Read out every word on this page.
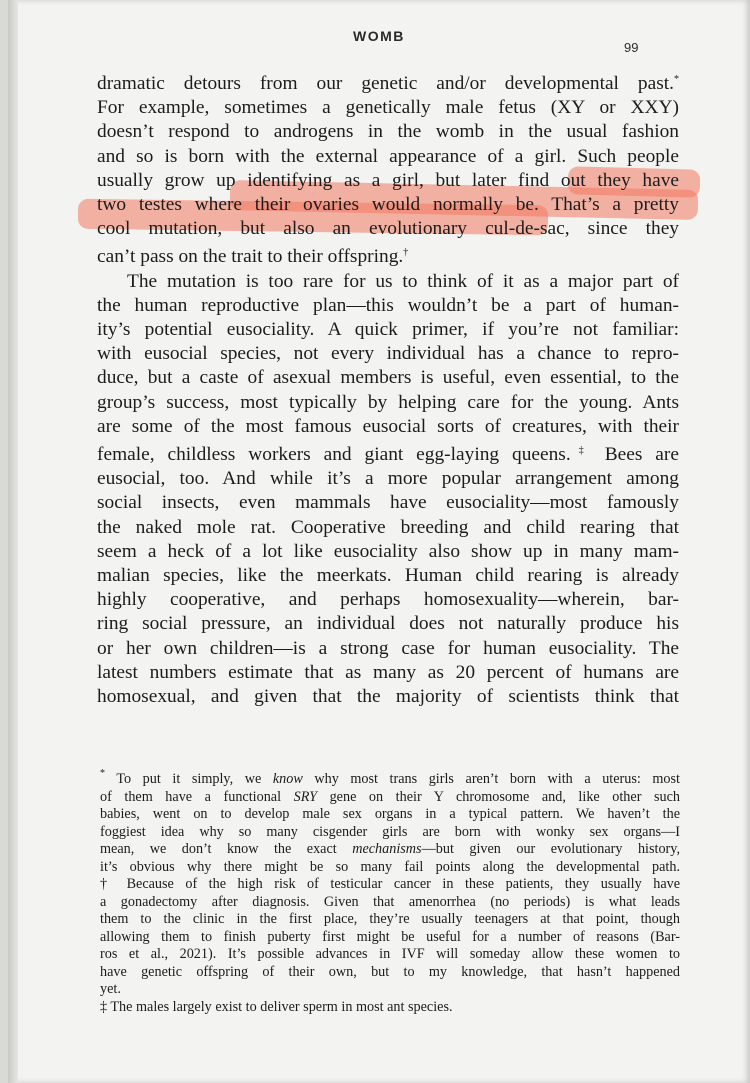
WOMB
99
dramatic detours from our genetic and/or developmental past.*
For example, sometimes a genetically male fetus (XY or XXY)
doesn’t respond to androgens in the womb in the usual fashion
and so is born with the external appearance of a girl. Such people
usually grow up identifying as a girl, but later find out they have
two testes where their ovaries would normally be. That’s a pretty
cool mutation, but also an evolutionary cul-de-sac, since they
can’t pass on the trait to their offspring.†
The mutation is too rare for us to think of it as a major part of
the human reproductive plan—this wouldn’t be a part of human-
ity’s potential eusociality. A quick primer, if you’re not familiar:
with eusocial species, not every individual has a chance to repro-
duce, but a caste of asexual members is useful, even essential, to the
group’s success, most typically by helping care for the young. Ants
are some of the most famous eusocial sorts of creatures, with their
female, childless workers and giant egg-laying queens.‡ Bees are
eusocial, too. And while it’s a more popular arrangement among
social insects, even mammals have eusociality—most famously
the naked mole rat. Cooperative breeding and child rearing that
seem a heck of a lot like eusociality also show up in many mam-
malian species, like the meerkats. Human child rearing is already
highly cooperative, and perhaps homosexuality—wherein, bar-
ring social pressure, an individual does not naturally produce his
or her own children—is a strong case for human eusociality. The
latest numbers estimate that as many as 20 percent of humans are
homosexual, and given that the majority of scientists think that
* To put it simply, we know why most trans girls aren’t born with a uterus: most
of them have a functional SRY gene on their Y chromosome and, like other such
babies, went on to develop male sex organs in a typical pattern. We haven’t the
foggiest idea why so many cisgender girls are born with wonky sex organs—I
mean, we don’t know the exact mechanisms—but given our evolutionary history,
it’s obvious why there might be so many fail points along the developmental path.
† Because of the high risk of testicular cancer in these patients, they usually have
a gonadectomy after diagnosis. Given that amenorrhea (no periods) is what leads
them to the clinic in the first place, they’re usually teenagers at that point, though
allowing them to finish puberty first might be useful for a number of reasons (Bar-
ros et al., 2021). It’s possible advances in IVF will someday allow these women to
have genetic offspring of their own, but to my knowledge, that hasn’t happened
yet.
‡ The males largely exist to deliver sperm in most ant species.
